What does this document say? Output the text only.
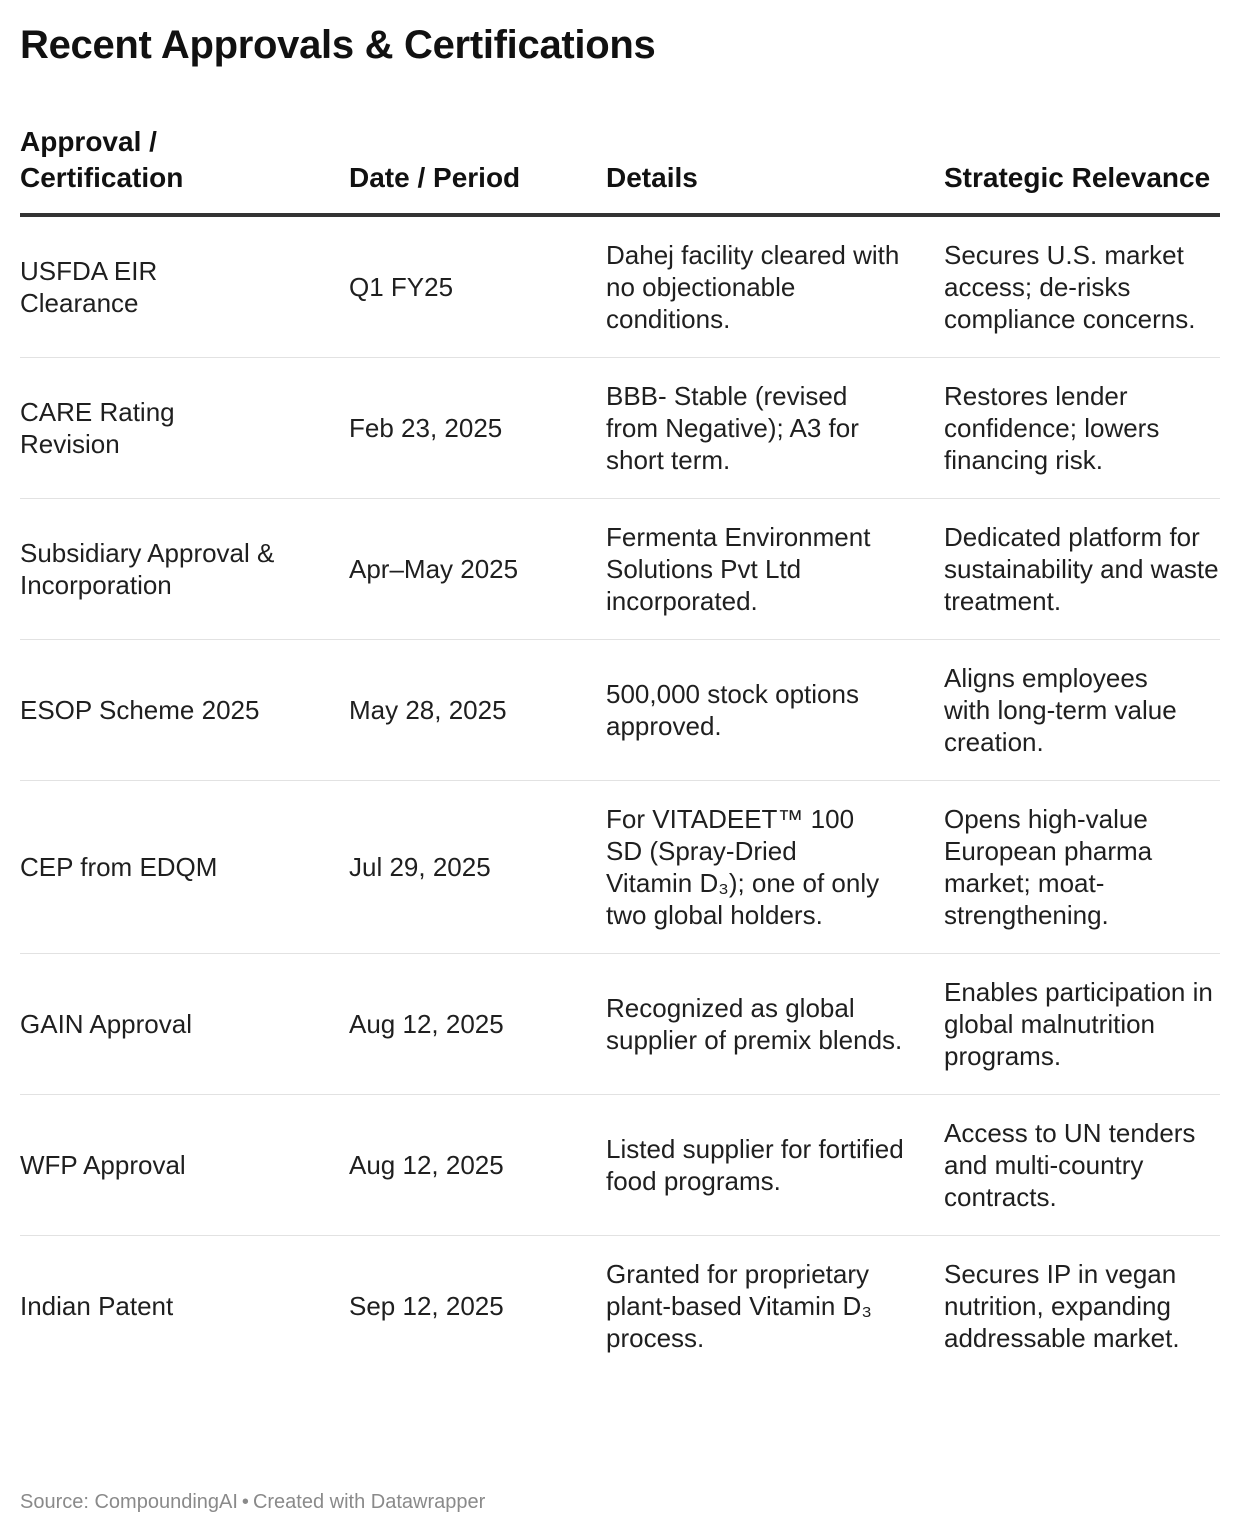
Recent Approvals & Certifications
Approval / Certification	Date / Period	Details	Strategic Relevance
USFDA EIR Clearance	Q1 FY25	Dahej facility cleared with no objectionable conditions.	Secures U.S. market access; de-risks compliance concerns.
CARE Rating Revision	Feb 23, 2025	BBB- Stable (revised from Negative); A3 for short term.	Restores lender confidence; lowers financing risk.
Subsidiary Approval & Incorporation	Apr–May 2025	Fermenta Environment Solutions Pvt Ltd incorporated.	Dedicated platform for sustainability and waste treatment.
ESOP Scheme 2025	May 28, 2025	500,000 stock options approved.	Aligns employees with long-term value creation.
CEP from EDQM	Jul 29, 2025	For VITADEET™ 100 SD (Spray-Dried Vitamin D₃); one of only two global holders.	Opens high-value European pharma market; moat-strengthening.
GAIN Approval	Aug 12, 2025	Recognized as global supplier of premix blends.	Enables participation in global malnutrition programs.
WFP Approval	Aug 12, 2025	Listed supplier for fortified food programs.	Access to UN tenders and multi-country contracts.
Indian Patent	Sep 12, 2025	Granted for proprietary plant-based Vitamin D₃ process.	Secures IP in vegan nutrition, expanding addressable market.
Source: CompoundingAI • Created with Datawrapper
